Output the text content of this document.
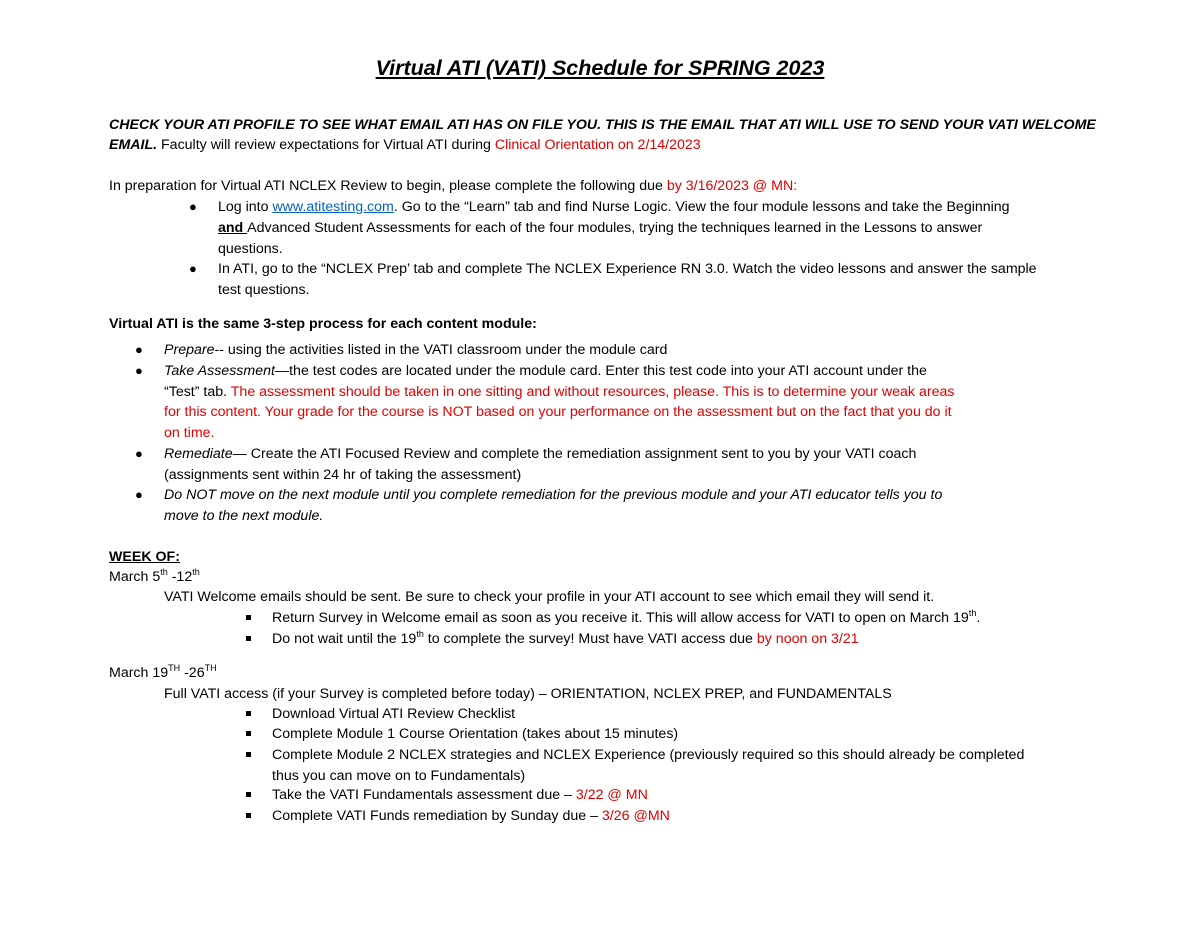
Virtual ATI (VATI) Schedule for SPRING 2023
CHECK YOUR ATI PROFILE TO SEE WHAT EMAIL ATI HAS ON FILE YOU. THIS IS THE EMAIL THAT ATI WILL USE TO SEND YOUR VATI WELCOME
EMAIL. Faculty will review expectations for Virtual ATI during Clinical Orientation on 2/14/2023
In preparation for Virtual ATI NCLEX Review to begin, please complete the following due by 3/16/2023 @ MN:
● Log into www.atitesting.com. Go to the “Learn” tab and find Nurse Logic. View the four module lessons and take the Beginning
and Advanced Student Assessments for each of the four modules, trying the techniques learned in the Lessons to answer
questions.
● In ATI, go to the “NCLEX Prep’ tab and complete The NCLEX Experience RN 3.0. Watch the video lessons and answer the sample
test questions.
Virtual ATI is the same 3-step process for each content module:
● Prepare-- using the activities listed in the VATI classroom under the module card
● Take Assessment—the test codes are located under the module card. Enter this test code into your ATI account under the
“Test” tab. The assessment should be taken in one sitting and without resources, please. This is to determine your weak areas
for this content. Your grade for the course is NOT based on your performance on the assessment but on the fact that you do it
on time.
● Remediate— Create the ATI Focused Review and complete the remediation assignment sent to you by your VATI coach
(assignments sent within 24 hr of taking the assessment)
● Do NOT move on the next module until you complete remediation for the previous module and your ATI educator tells you to
move to the next module.
WEEK OF:
March 5th -12th
VATI Welcome emails should be sent. Be sure to check your profile in your ATI account to see which email they will send it.
Return Survey in Welcome email as soon as you receive it. This will allow access for VATI to open on March 19th.
Do not wait until the 19th to complete the survey! Must have VATI access due by noon on 3/21
March 19TH -26TH
Full VATI access (if your Survey is completed before today) – ORIENTATION, NCLEX PREP, and FUNDAMENTALS
Download Virtual ATI Review Checklist
Complete Module 1 Course Orientation (takes about 15 minutes)
Complete Module 2 NCLEX strategies and NCLEX Experience (previously required so this should already be completed
thus you can move on to Fundamentals)
Take the VATI Fundamentals assessment due – 3/22 @ MN
Complete VATI Funds remediation by Sunday due – 3/26 @MN
